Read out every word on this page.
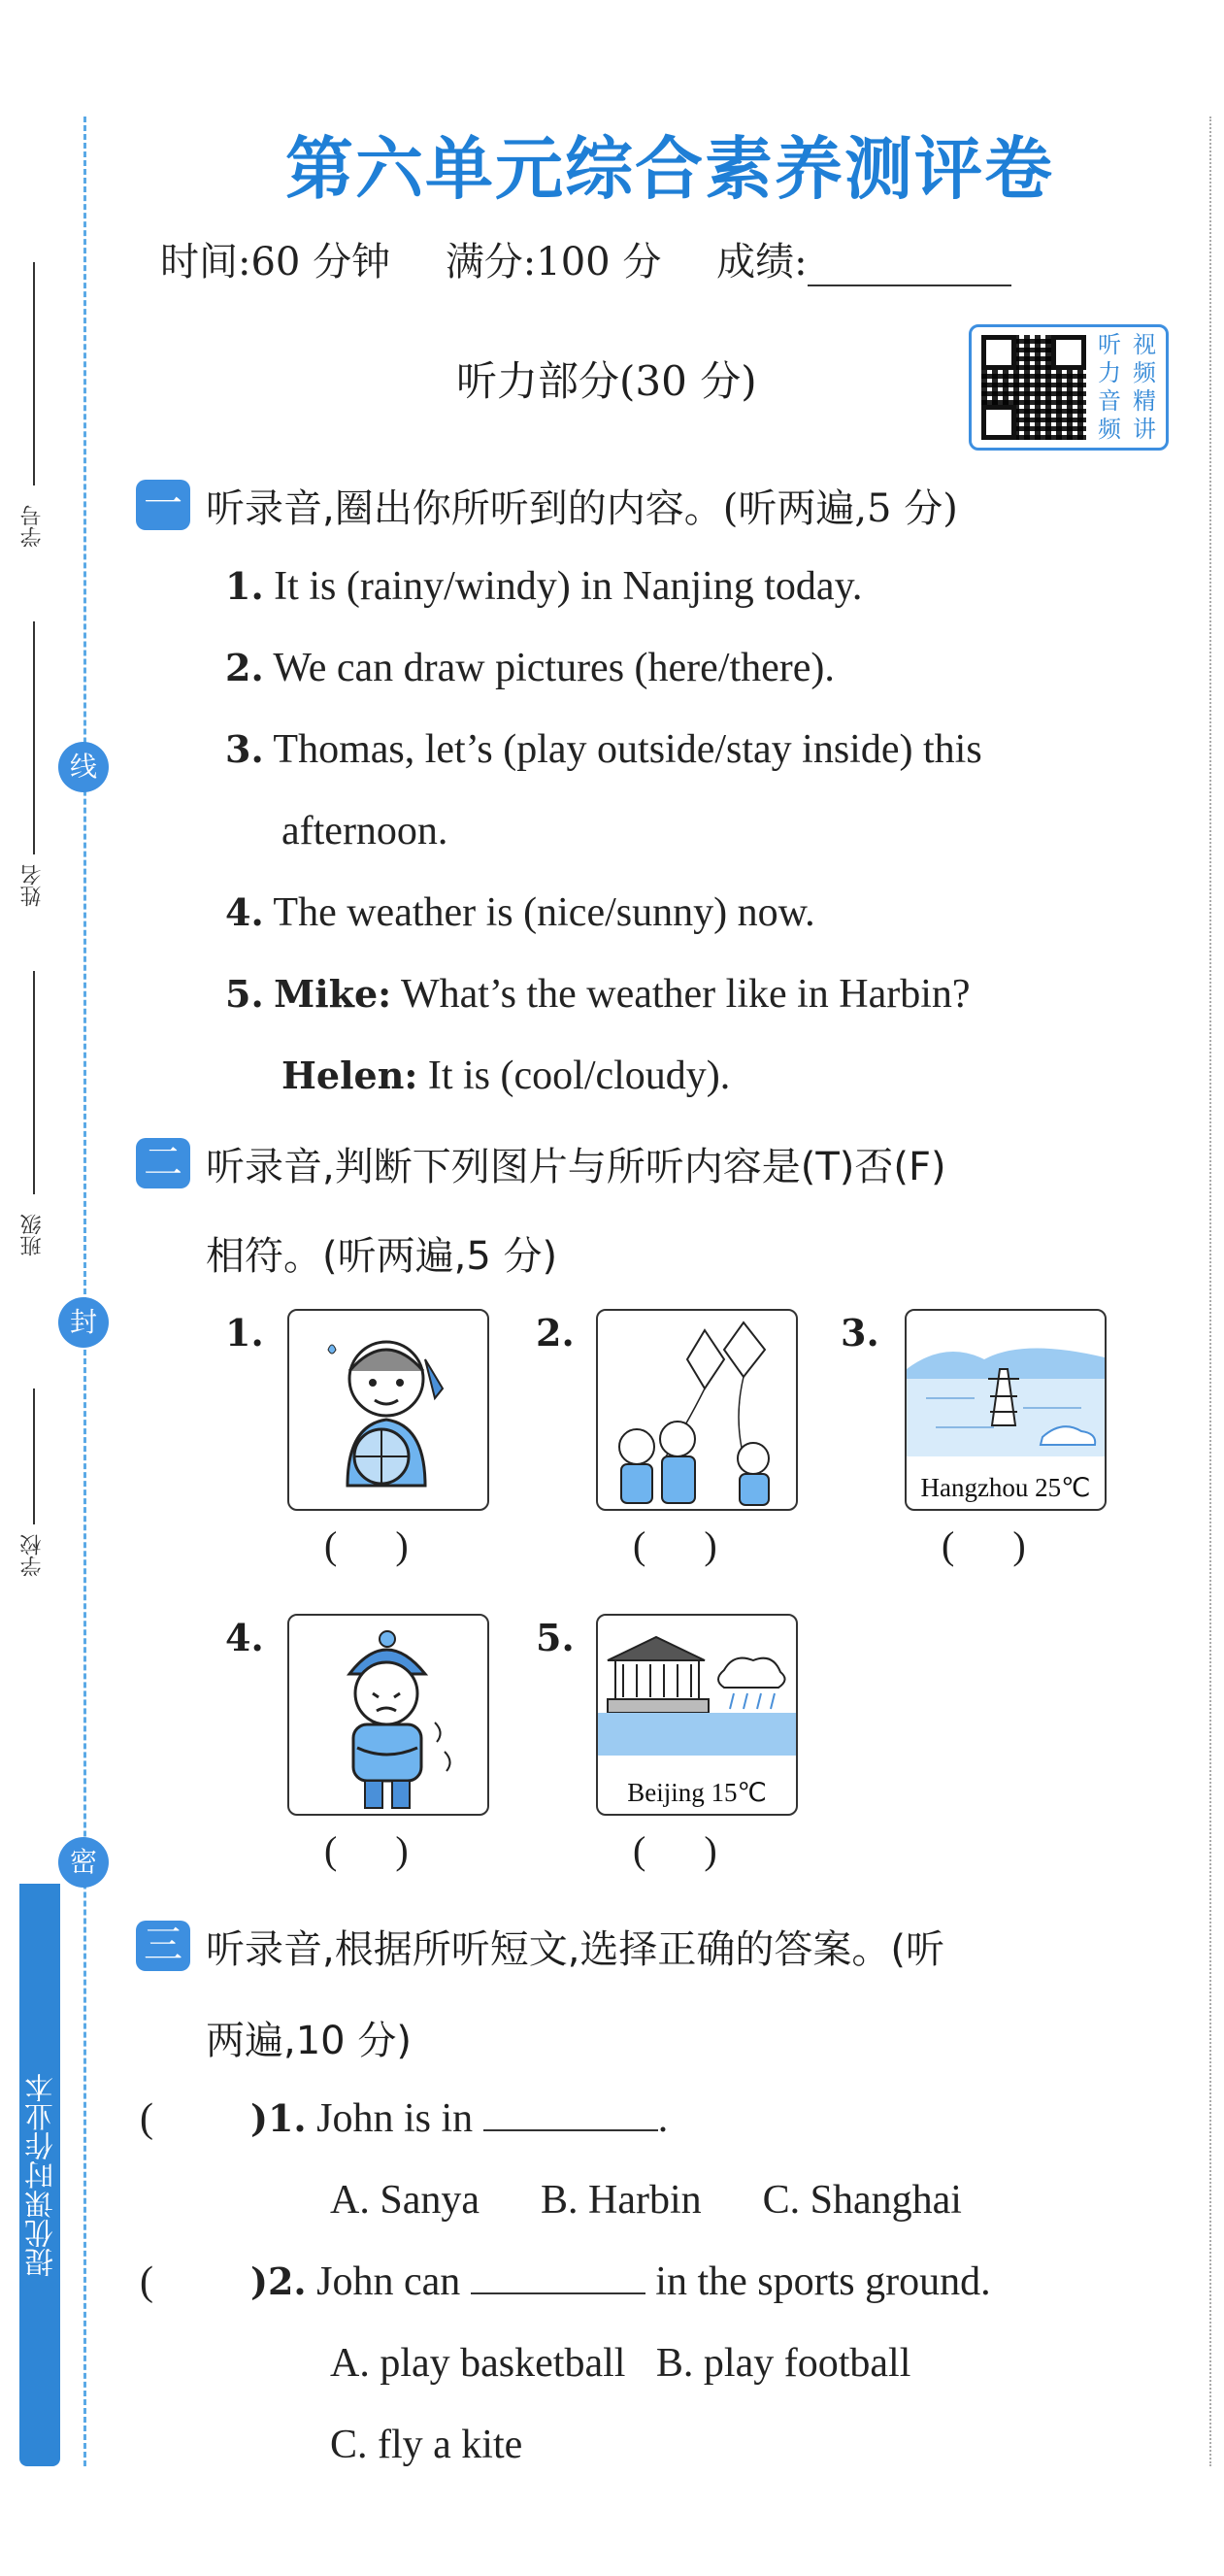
学号
姓名
班级
学校
线
封
密
提优课时作业本
第六单元综合素养测评卷
时间:60 分钟 满分:100 分 成绩:
听力部分(30 分)
听 视
力 频
音 精
频 讲
一 听录音,圈出你所听到的内容。(听两遍,5 分)
1. It is (rainy/windy) in Nanjing today.
2. We can draw pictures (here/there).
3. Thomas, let’s (play outside/stay inside) this
afternoon.
4. The weather is (nice/sunny) now.
5. Mike: What’s the weather like in Harbin?
Helen: It is (cool/cloudy).
二 听录音,判断下列图片与所听内容是(T)否(F)
相符。(听两遍,5 分)
1.
(      )
2.
(      )
3.
Hangzhou 25℃
(      )
4.
(      )
5.
Beijing 15℃
(      )
三 听录音,根据所听短文,选择正确的答案。(听
两遍,10 分)
(	)1. John is in	.
A. Sanya      B. Harbin      C. Shanghai
(	)2. John can	in the sports ground.
A. play basketball   B. play football
C. fly a kite
